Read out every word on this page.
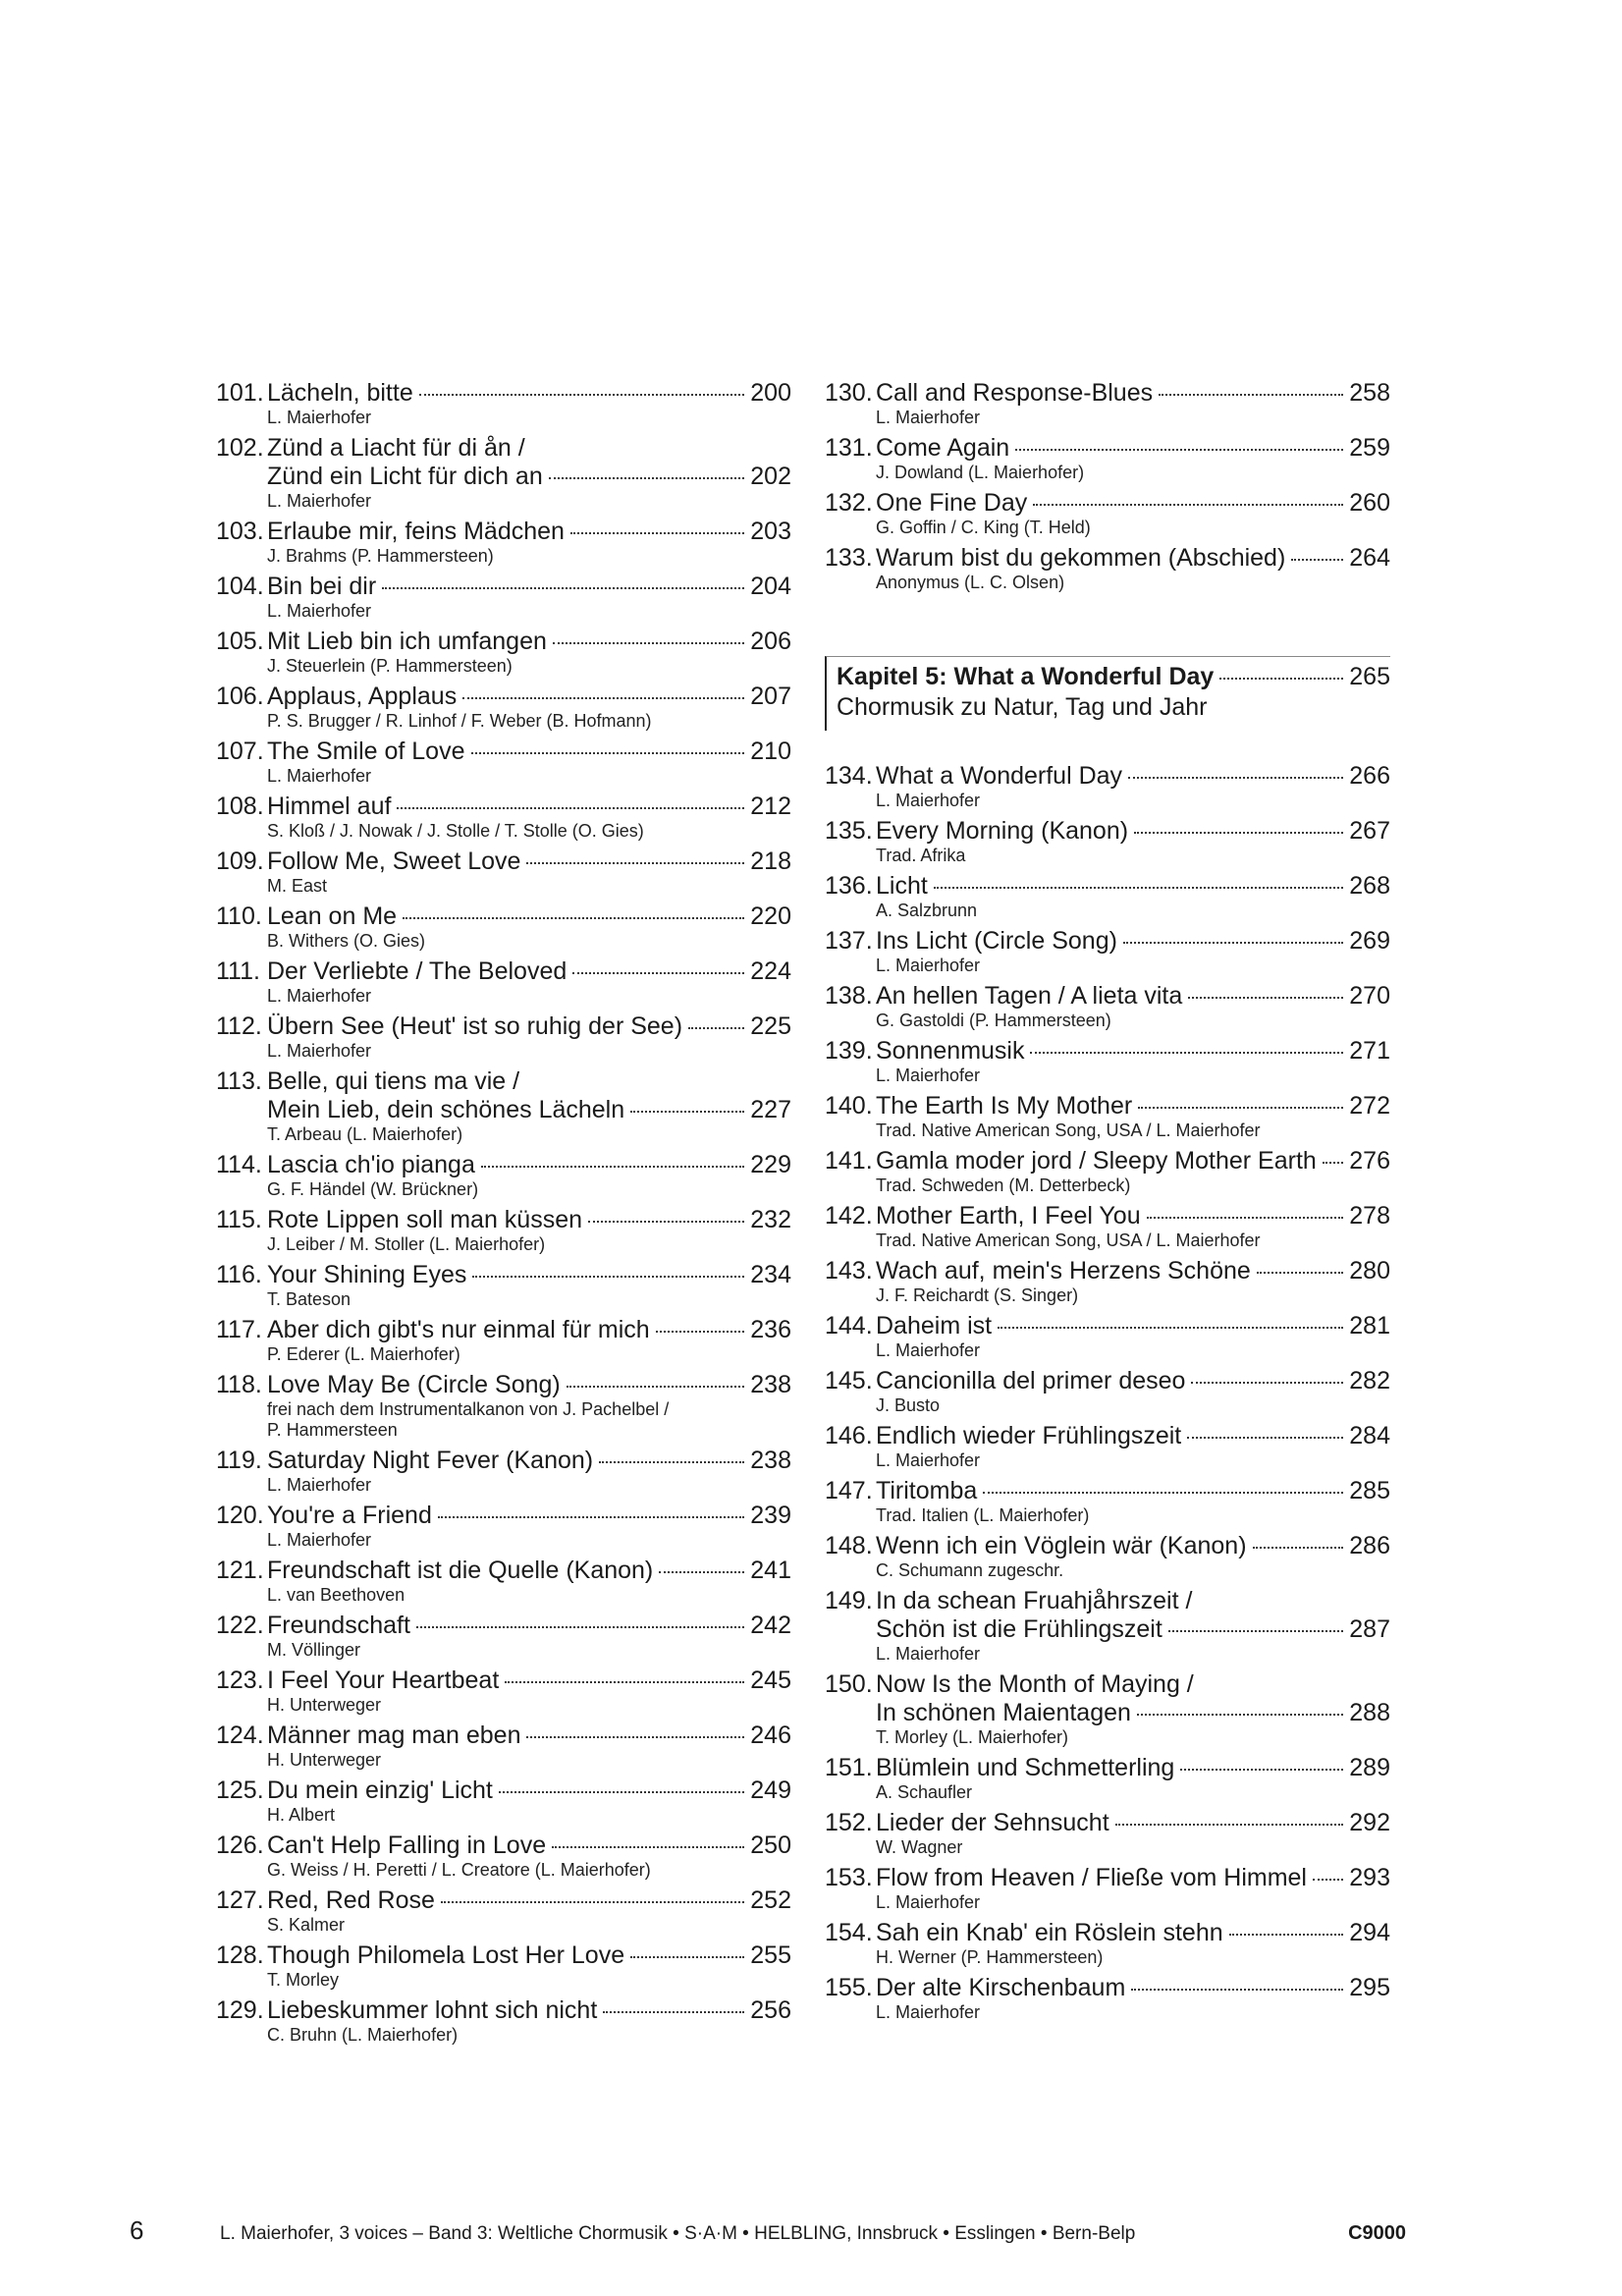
101. Lächeln, bitte	200
L. Maierhofer
102. Zünd a Liacht für di ån /
Zünd ein Licht für dich an	202
L. Maierhofer
103. Erlaube mir, feins Mädchen	203
J. Brahms (P. Hammersteen)
104. Bin bei dir	204
L. Maierhofer
105. Mit Lieb bin ich umfangen	206
J. Steuerlein (P. Hammersteen)
106. Applaus, Applaus	207
P. S. Brugger / R. Linhof / F. Weber (B. Hofmann)
107. The Smile of Love	210
L. Maierhofer
108. Himmel auf	212
S. Kloß / J. Nowak / J. Stolle / T. Stolle (O. Gies)
109. Follow Me, Sweet Love	218
M. East
110. Lean on Me	220
B. Withers (O. Gies)
111. Der Verliebte / The Beloved	224
L. Maierhofer
112. Übern See (Heut' ist so ruhig der See)	225
L. Maierhofer
113. Belle, qui tiens ma vie /
Mein Lieb, dein schönes Lächeln	227
T. Arbeau (L. Maierhofer)
114. Lascia ch'io pianga	229
G. F. Händel (W. Brückner)
115. Rote Lippen soll man küssen	232
J. Leiber / M. Stoller (L. Maierhofer)
116. Your Shining Eyes	234
T. Bateson
117. Aber dich gibt's nur einmal für mich	236
P. Ederer (L. Maierhofer)
118. Love May Be (Circle Song)	238
frei nach dem Instrumentalkanon von J. Pachelbel /
P. Hammersteen
119. Saturday Night Fever (Kanon)	238
L. Maierhofer
120. You're a Friend	239
L. Maierhofer
121. Freundschaft ist die Quelle (Kanon)	241
L. van Beethoven
122. Freundschaft	242
M. Völlinger
123. I Feel Your Heartbeat	245
H. Unterweger
124. Männer mag man eben	246
H. Unterweger
125. Du mein einzig' Licht	249
H. Albert
126. Can't Help Falling in Love	250
G. Weiss / H. Peretti / L. Creatore (L. Maierhofer)
127. Red, Red Rose	252
S. Kalmer
128. Though Philomela Lost Her Love	255
T. Morley
129. Liebeskummer lohnt sich nicht	256
C. Bruhn (L. Maierhofer)
130. Call and Response-Blues	258
L. Maierhofer
131. Come Again	259
J. Dowland (L. Maierhofer)
132. One Fine Day	260
G. Goffin / C. King (T. Held)
133. Warum bist du gekommen (Abschied)	264
Anonymus (L. C. Olsen)
Kapitel 5: What a Wonderful Day	265
Chormusik zu Natur, Tag und Jahr
134. What a Wonderful Day	266
L. Maierhofer
135. Every Morning (Kanon)	267
Trad. Afrika
136. Licht	268
A. Salzbrunn
137. Ins Licht (Circle Song)	269
L. Maierhofer
138. An hellen Tagen / A lieta vita	270
G. Gastoldi (P. Hammersteen)
139. Sonnenmusik	271
L. Maierhofer
140. The Earth Is My Mother	272
Trad. Native American Song, USA / L. Maierhofer
141. Gamla moder jord / Sleepy Mother Earth 276
Trad. Schweden (M. Detterbeck)
142. Mother Earth, I Feel You	278
Trad. Native American Song, USA / L. Maierhofer
143. Wach auf, mein's Herzens Schöne	280
J. F. Reichardt (S. Singer)
144. Daheim ist	281
L. Maierhofer
145. Cancionilla del primer deseo	282
J. Busto
146. Endlich wieder Frühlingszeit	284
L. Maierhofer
147. Tiritomba	285
Trad. Italien (L. Maierhofer)
148. Wenn ich ein Vöglein wär (Kanon)	286
C. Schumann zugeschr.
149. In da schean Fruahjåhrszeit /
Schön ist die Frühlingszeit	287
L. Maierhofer
150. Now Is the Month of Maying /
In schönen Maientagen	288
T. Morley (L. Maierhofer)
151. Blümlein und Schmetterling	289
A. Schaufler
152. Lieder der Sehnsucht	292
W. Wagner
153. Flow from Heaven / Fließe vom Himmel 293
L. Maierhofer
154. Sah ein Knab' ein Röslein stehn	294
H. Werner (P. Hammersteen)
155. Der alte Kirschenbaum	295
L. Maierhofer
6	L. Maierhofer, 3 voices – Band 3: Weltliche Chormusik • S·A·M • HELBLING, Innsbruck • Esslingen • Bern-Belp	C9000
